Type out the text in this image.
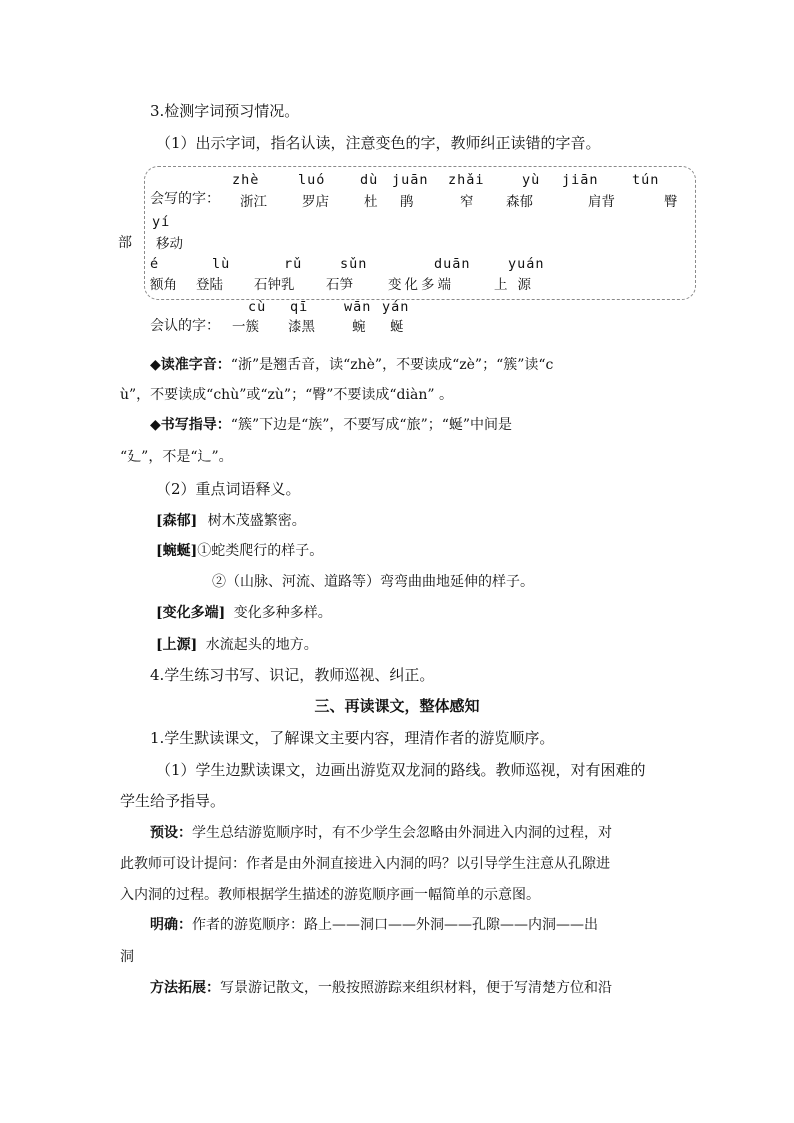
3.检测字词预习情况。
（1）出示字词，指名认读，注意变色的字，教师纠正读错的字音。
会写的字：
zhè
浙江
luó
罗店
dù
杜
juān
鹃
zhǎi
窄
yù
森郁
jiān
肩背
tún
臀
部
yí
移动
é
额角
lù
登陆
rǔ
石钟乳
sǔn
石笋
duān
变化多端
yuán
上源
会认的字：
cù
一簇
qī
漆黑
wān
蜿
yán
蜒
◆读准字音：“浙”是翘舌音，读“zhè”，不要读成“zè”；“簇”读“c
ù”，不要读成“chù”或“zù”；“臀”不要读成“diàn” 。
◆书写指导：“簇”下边是“族”，不要写成“旅”；“蜒”中间是
“廴”，不是“辶”。
（2）重点词语释义。
[森郁] 树木茂盛繁密。
[蜿蜒]①蛇类爬行的样子。
②（山脉、河流、道路等）弯弯曲曲地延伸的样子。
[变化多端] 变化多种多样。
[上源] 水流起头的地方。
4.学生练习书写、识记，教师巡视、纠正。
三、再读课文，整体感知
1.学生默读课文，了解课文主要内容，理清作者的游览顺序。
（1）学生边默读课文，边画出游览双龙洞的路线。教师巡视，对有困难的
学生给予指导。
预设：学生总结游览顺序时，有不少学生会忽略由外洞进入内洞的过程，对
此教师可设计提问：作者是由外洞直接进入内洞的吗？以引导学生注意从孔隙进
入内洞的过程。教师根据学生描述的游览顺序画一幅简单的示意图。
明确：作者的游览顺序：路上——洞口——外洞——孔隙——内洞——出
洞
方法拓展：写景游记散文，一般按照游踪来组织材料，便于写清楚方位和沿
